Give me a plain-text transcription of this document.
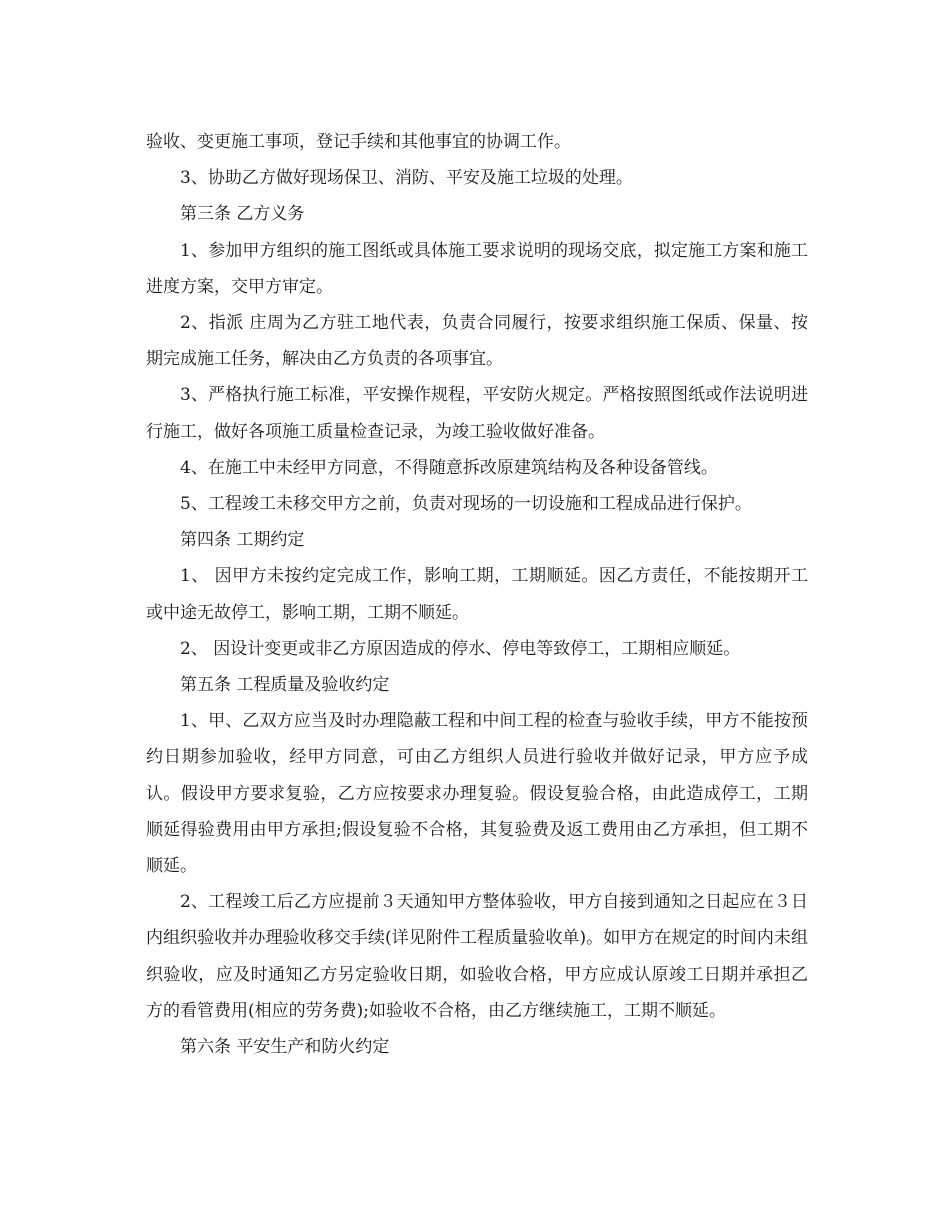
验收、变更施工事项，登记手续和其他事宜的协调工作。

3、协助乙方做好现场保卫、消防、平安及施工垃圾的处理。

第三条 乙方义务

1、参加甲方组织的施工图纸或具体施工要求说明的现场交底，拟定施工方案和施工进度方案，交甲方审定。

2、指派 庄周为乙方驻工地代表，负责合同履行，按要求组织施工保质、保量、按期完成施工任务，解决由乙方负责的各项事宜。

3、严格执行施工标准，平安操作规程，平安防火规定。严格按照图纸或作法说明进行施工，做好各项施工质量检查记录，为竣工验收做好准备。

4、在施工中未经甲方同意，不得随意拆改原建筑结构及各种设备管线。

5、工程竣工未移交甲方之前，负责对现场的一切设施和工程成品进行保护。

第四条 工期约定

1、 因甲方未按约定完成工作，影响工期，工期顺延。因乙方责任，不能按期开工或中途无故停工，影响工期，工期不顺延。

2、 因设计变更或非乙方原因造成的停水、停电等致停工，工期相应顺延。

第五条 工程质量及验收约定

1、甲、乙双方应当及时办理隐蔽工程和中间工程的检查与验收手续，甲方不能按预约日期参加验收，经甲方同意，可由乙方组织人员进行验收并做好记录，甲方应予成认。假设甲方要求复验，乙方应按要求办理复验。假设复验合格，由此造成停工，工期顺延得验费用由甲方承担;假设复验不合格，其复验费及返工费用由乙方承担，但工期不顺延。

2、工程竣工后乙方应提前３天通知甲方整体验收，甲方自接到通知之日起应在３日内组织验收并办理验收移交手续(详见附件工程质量验收单)。如甲方在规定的时间内未组织验收，应及时通知乙方另定验收日期，如验收合格，甲方应成认原竣工日期并承担乙方的看管费用(相应的劳务费);如验收不合格，由乙方继续施工，工期不顺延。

第六条 平安生产和防火约定
